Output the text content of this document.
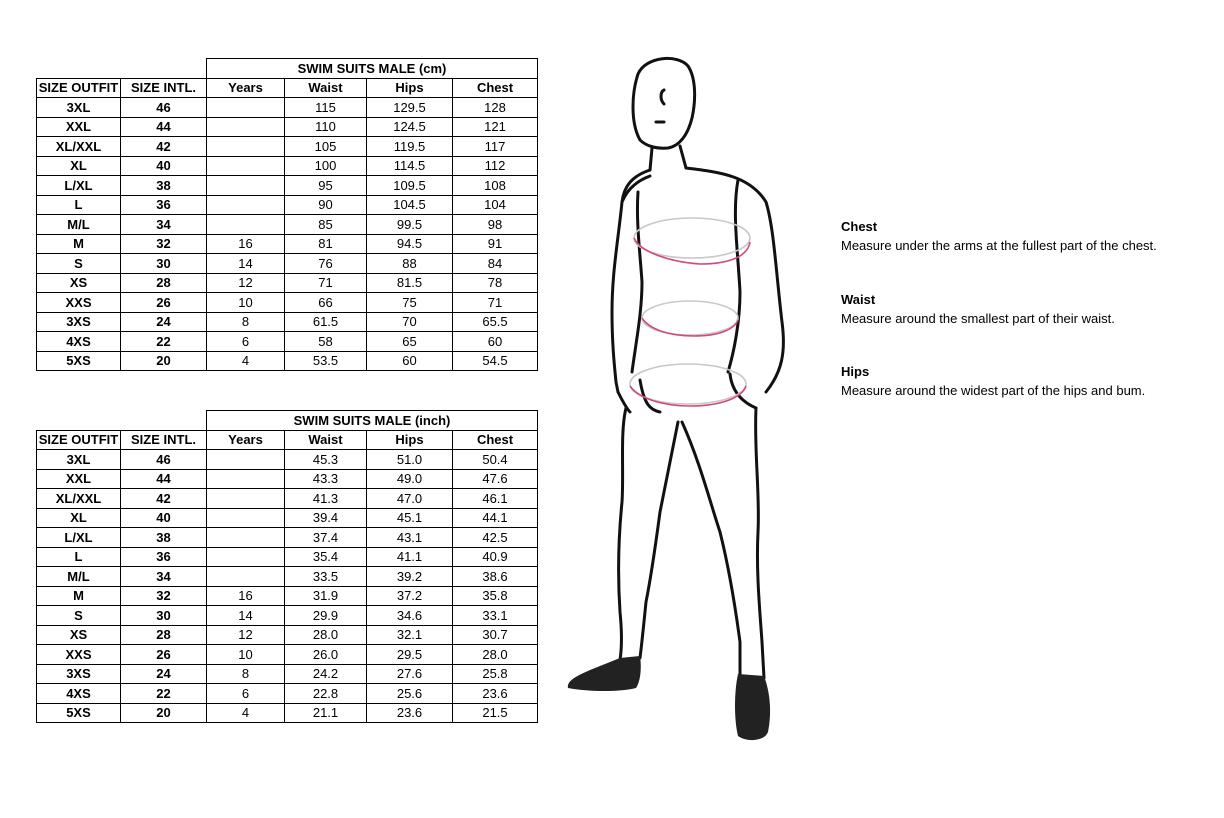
		SWIM SUITS MALE (cm)			
SIZE OUTFIT	SIZE INTL.	Years	Waist	Hips	Chest
3XL	46		115	129.5	128
XXL	44		110	124.5	121
XL/XXL	42		105	119.5	117
XL	40		100	114.5	112
L/XL	38		95	109.5	108
L	36		90	104.5	104
M/L	34		85	99.5	98
M	32	16	81	94.5	91
S	30	14	76	88	84
XS	28	12	71	81.5	78
XXS	26	10	66	75	71
3XS	24	8	61.5	70	65.5
4XS	22	6	58	65	60
5XS	20	4	53.5	60	54.5
		SWIM SUITS MALE (inch)			
SIZE OUTFIT	SIZE INTL.	Years	Waist	Hips	Chest
3XL	46		45.3	51.0	50.4
XXL	44		43.3	49.0	47.6
XL/XXL	42		41.3	47.0	46.1
XL	40		39.4	45.1	44.1
L/XL	38		37.4	43.1	42.5
L	36		35.4	41.1	40.9
M/L	34		33.5	39.2	38.6
M	32	16	31.9	37.2	35.8
S	30	14	29.9	34.6	33.1
XS	28	12	28.0	32.1	30.7
XXS	26	10	26.0	29.5	28.0
3XS	24	8	24.2	27.6	25.8
4XS	22	6	22.8	25.6	23.6
5XS	20	4	21.1	23.6	21.5
Chest
Measure under the arms at the fullest part of the chest.
Waist
Measure around the smallest part of their waist.
Hips
Measure around the widest part of the hips and bum.
